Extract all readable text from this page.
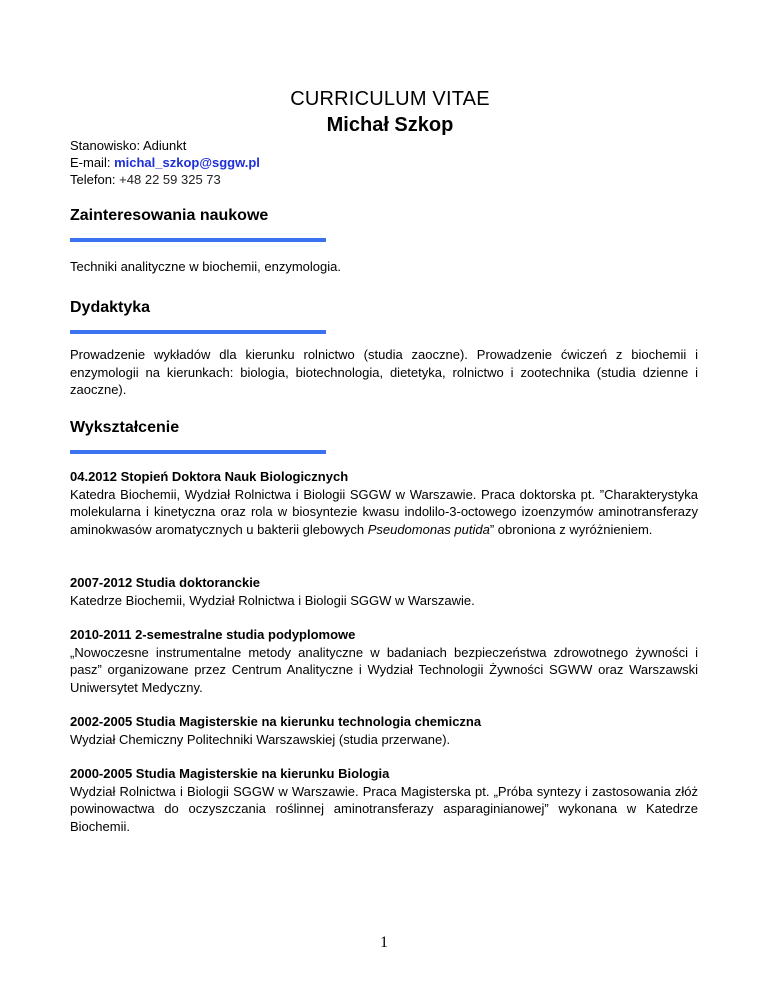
CURRICULUM VITAE
Michał Szkop
Stanowisko: Adiunkt
E-mail: michal_szkop@sggw.pl
Telefon: +48 22 59 325 73
Zainteresowania naukowe
Techniki analityczne w biochemii, enzymologia.
Dydaktyka
Prowadzenie wykładów dla kierunku rolnictwo (studia zaoczne). Prowadzenie ćwiczeń z biochemii i enzymologii na kierunkach: biologia, biotechnologia, dietetyka, rolnictwo i zootechnika (studia dzienne i zaoczne).
Wykształcenie
04.2012 Stopień Doktora Nauk Biologicznych
Katedra Biochemii, Wydział Rolnictwa i Biologii SGGW w Warszawie. Praca doktorska pt. ”Charakterystyka molekularna i kinetyczna oraz rola w biosyntezie kwasu indolilo-3-octowego izoenzymów aminotransferazy aminokwasów aromatycznych u bakterii glebowych Pseudomonas putida” obroniona z wyróżnieniem.
2007-2012 Studia doktoranckie
Katedrze Biochemii, Wydział Rolnictwa i Biologii SGGW w Warszawie.
2010-2011 2-semestralne studia podyplomowe
„Nowoczesne instrumentalne metody analityczne w badaniach bezpieczeństwa zdrowotnego żywności i pasz” organizowane przez Centrum Analityczne i Wydział Technologii Żywności SGWW oraz Warszawski Uniwersytet Medyczny.
2002-2005 Studia Magisterskie na kierunku technologia chemiczna
Wydział Chemiczny Politechniki Warszawskiej (studia przerwane).
2000-2005 Studia Magisterskie na kierunku Biologia
Wydział Rolnictwa i Biologii SGGW w Warszawie. Praca Magisterska pt. „Próba syntezy i zastosowania złóż powinowactwa do oczyszczania roślinnej aminotransferazy asparaginianowej” wykonana w Katedrze Biochemii.
1
